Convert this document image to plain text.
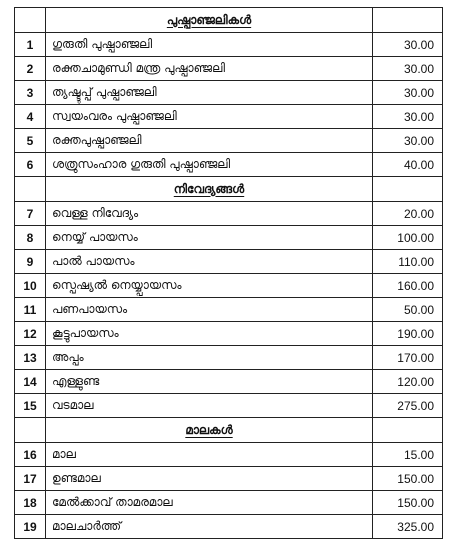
	പുഷ്പാഞ്ജലികൾ	
1	ഗുരുതി പുഷ്പാഞ്ജലി	30.00
2	രക്തചാമുണ്ഡി മന്ത്ര പുഷ്പാഞ്ജലി	30.00
3	ത്യഷ്ടുപ്പ് പുഷ്പാഞ്ജലി	30.00
4	സ്വയംവരം പുഷ്പാഞ്ജലി	30.00
5	രക്തപുഷ്പാഞ്ജലി	30.00
6	ശത്രുസംഹാര ഗുരുതി പുഷ്പാഞ്ജലി	40.00
	നിവേദ്യങ്ങൾ	
7	വെള്ള നിവേദ്യം	20.00
8	നെയ്യ് പായസം	100.00
9	പാൽ പായസം	110.00
10	സ്പെഷ്യൽ നെയ്യ്പായസം	160.00
11	പണപായസം	50.00
12	കൂട്ടുപായസം	190.00
13	അപ്പം	170.00
14	എള്ളുണ്ട	120.00
15	വടമാല	275.00
	മാലകൾ	
16	മാല	15.00
17	ഉണ്ടമാല	150.00
18	മേൽക്കാവ് താമരമാല	150.00
19	മാലചാർത്ത്	325.00
